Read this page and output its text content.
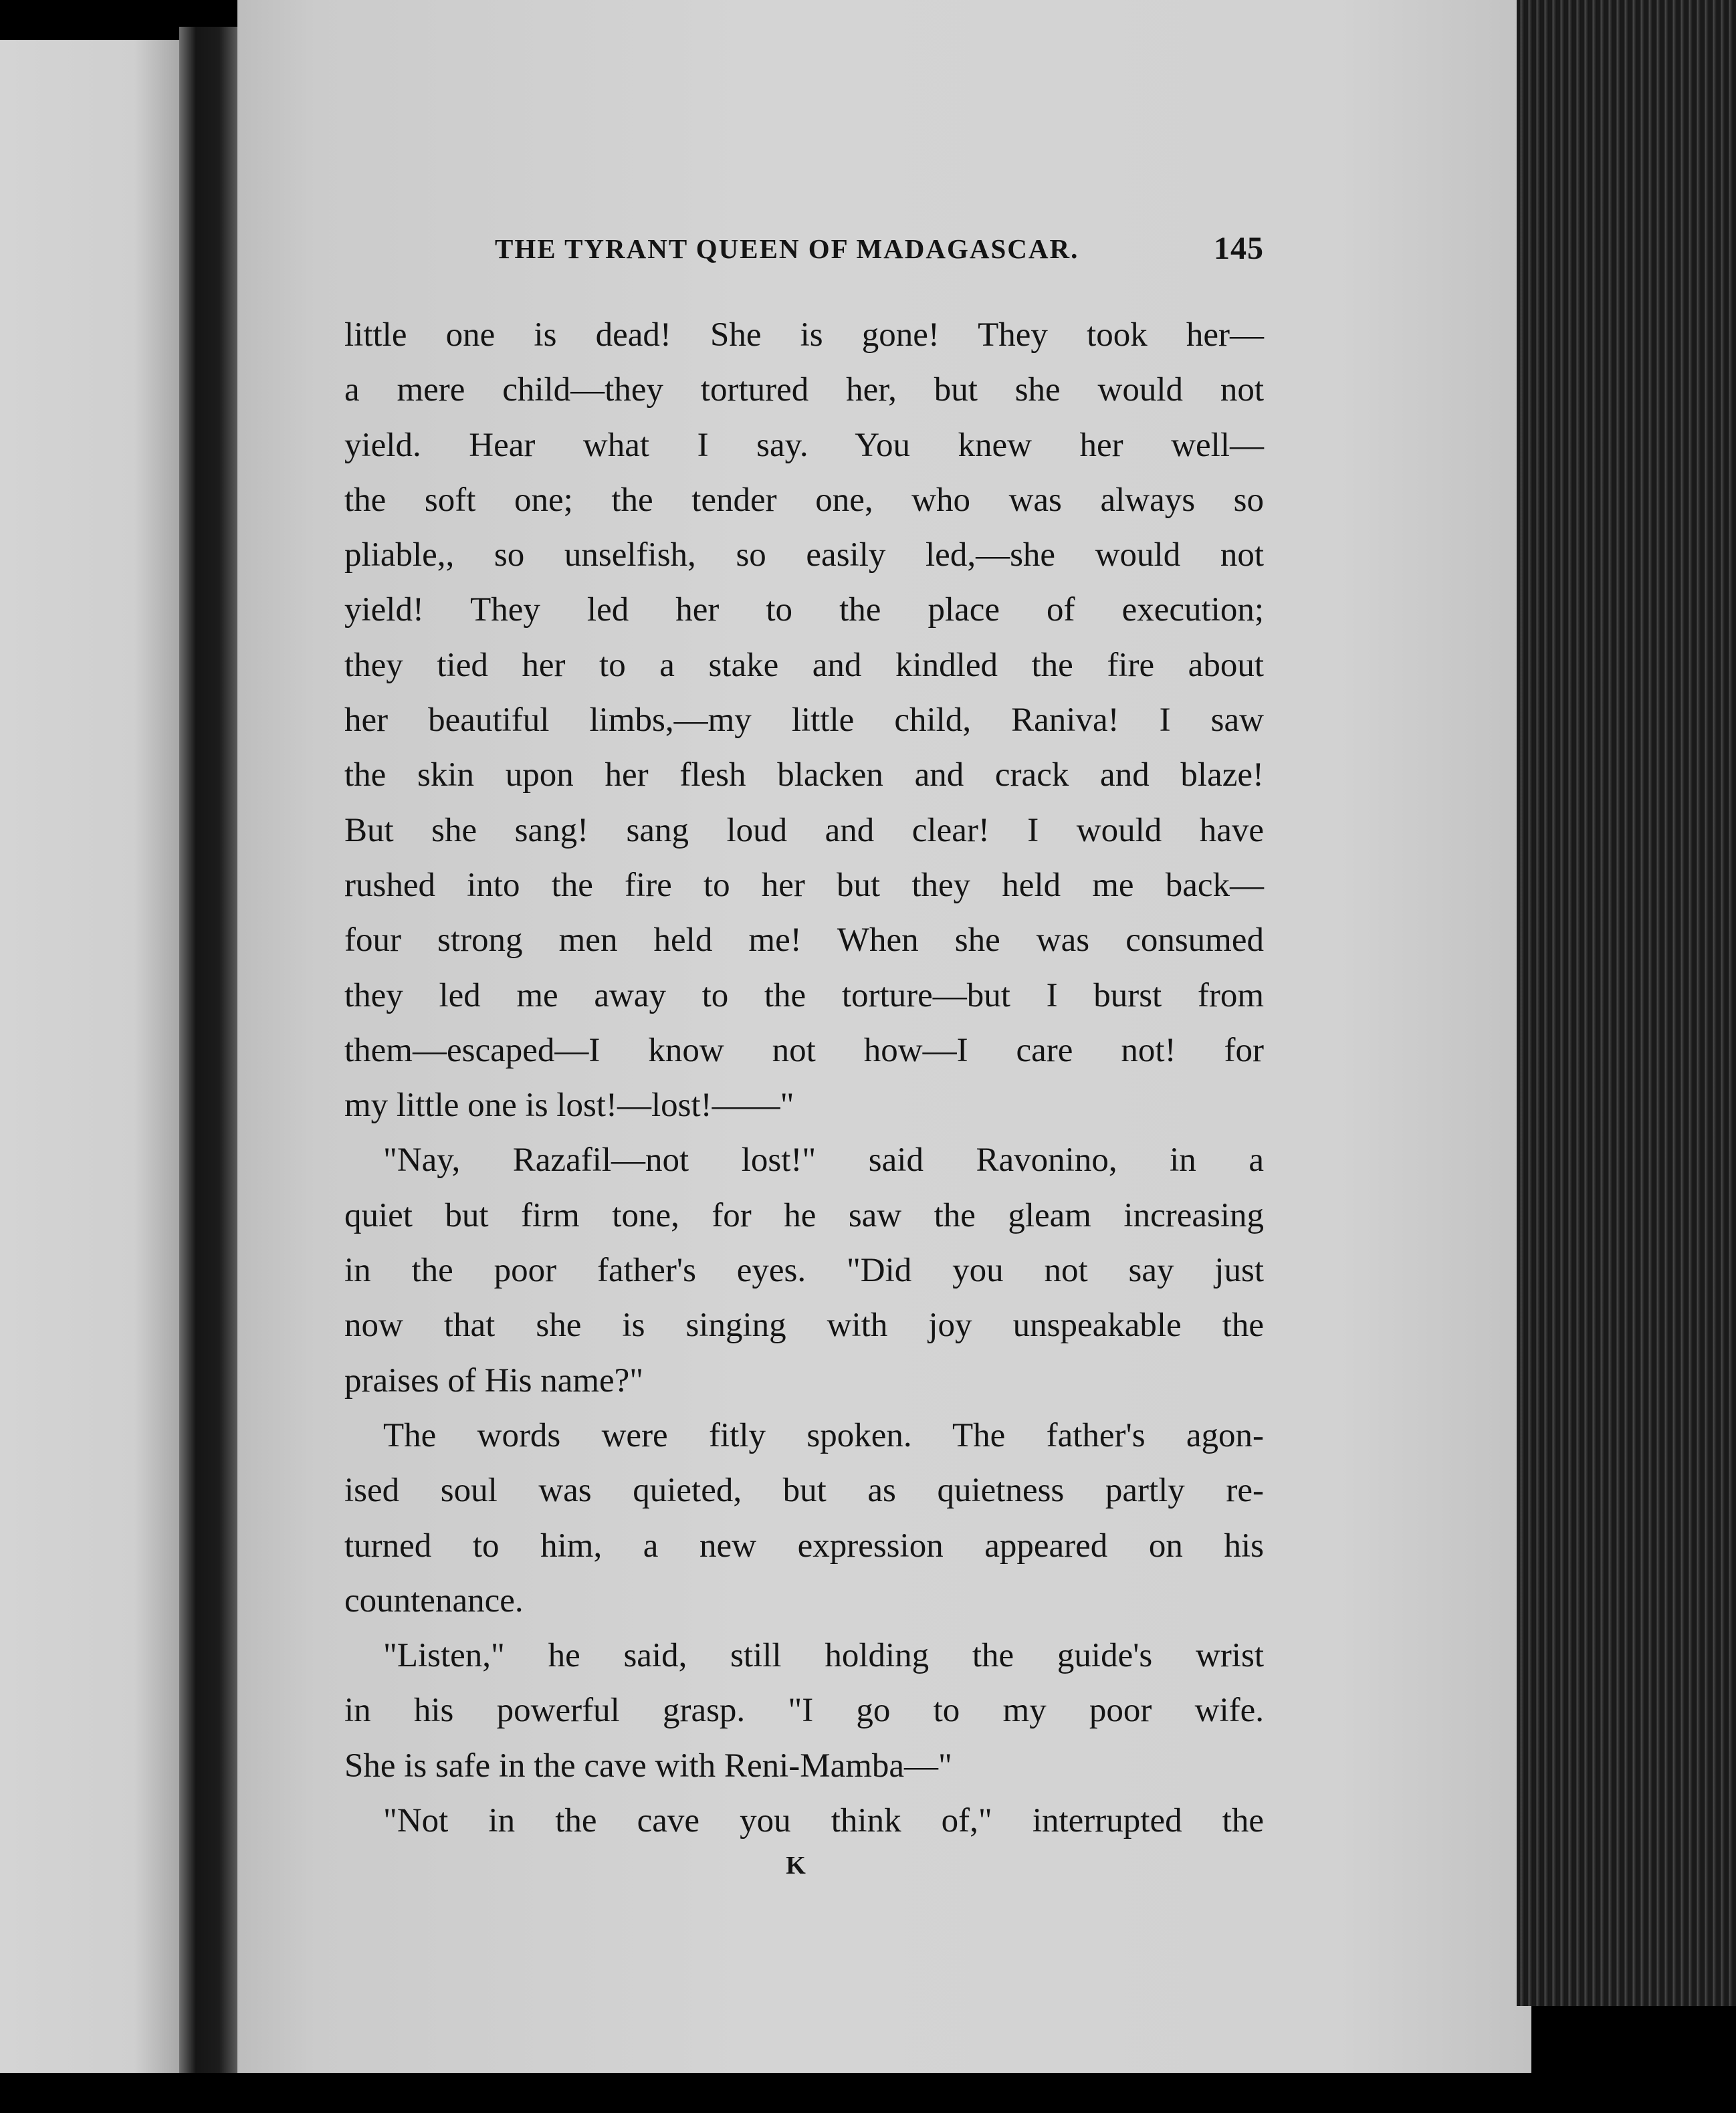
THE TYRANT QUEEN OF MADAGASCAR.	145
little one is dead! She is gone! They took her—
a mere child—they tortured her, but she would not
yield. Hear what I say. You knew her well—
the soft one; the tender one, who was always so
pliable,, so unselfish, so easily led,—she would not
yield! They led her to the place of execution;
they tied her to a stake and kindled the fire about
her beautiful limbs,—my little child, Raniva! I saw
the skin upon her flesh blacken and crack and blaze!
But she sang! sang loud and clear! I would have
rushed into the fire to her but they held me back—
four strong men held me! When she was consumed
they led me away to the torture—but I burst from
them—escaped—I know not how—I care not! for
my little one is lost!—lost!——"
"Nay, Razafil—not lost!" said Ravonino, in a
quiet but firm tone, for he saw the gleam increasing
in the poor father's eyes. "Did you not say just
now that she is singing with joy unspeakable the
praises of His name?"
The words were fitly spoken. The father's agon-
ised soul was quieted, but as quietness partly re-
turned to him, a new expression appeared on his
countenance.
"Listen," he said, still holding the guide's wrist
in his powerful grasp. "I go to my poor wife.
She is safe in the cave with Reni-Mamba—"
"Not in the cave you think of," interrupted the
K
